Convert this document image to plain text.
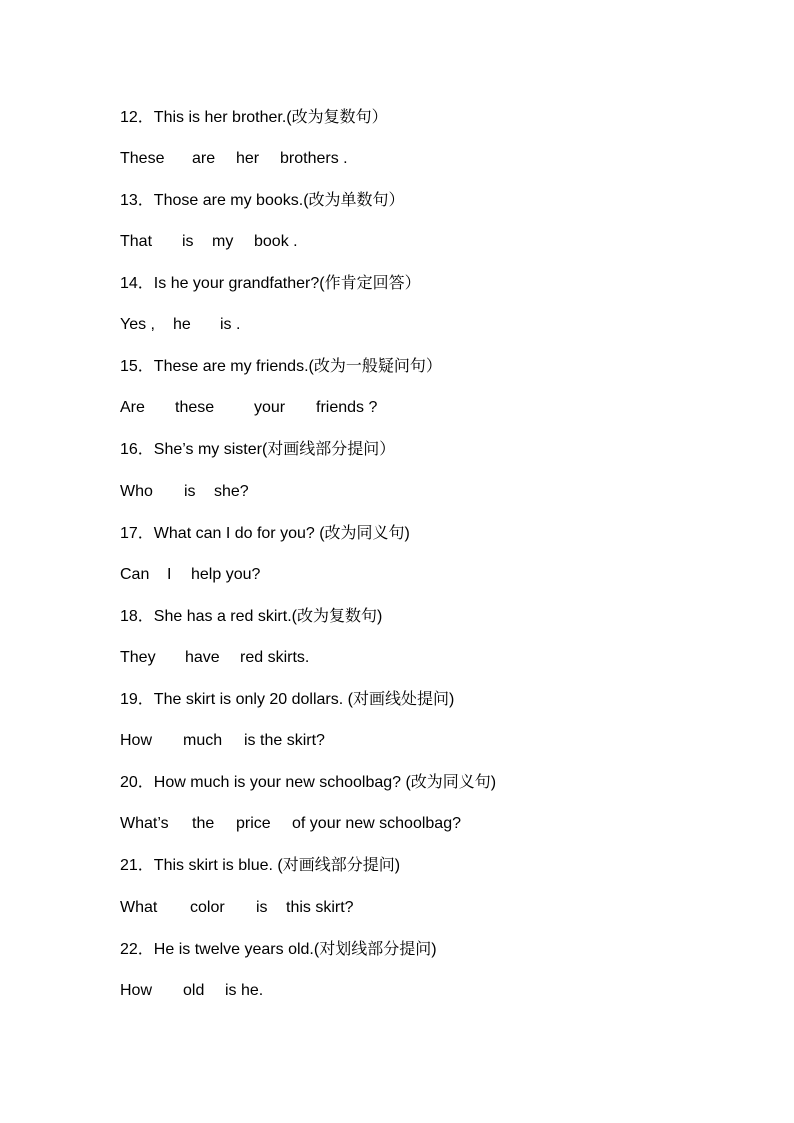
12．This is her brother.(改为复数句）
These are her brothers .
13．Those are my books.(改为单数句）
That is my book .
14．Is he your grandfather?(作肯定回答）
Yes , he is .
15．These are my friends.(改为一般疑问句）
Are these your friends ?
16．She’s my sister(对画线部分提问）
Who is she?
17．What can I do for you? (改为同义句)
Can I help you?
18．She has a red skirt.(改为复数句)
They have red skirts.
19．The skirt is only 20 dollars. (对画线处提问)
How much is the skirt?
20．How much is your new schoolbag? (改为同义句)
What’s the price of your new schoolbag?
21．This skirt is blue. (对画线部分提问)
What color is this skirt?
22．He is twelve years old.(对划线部分提问)
How old is he.
